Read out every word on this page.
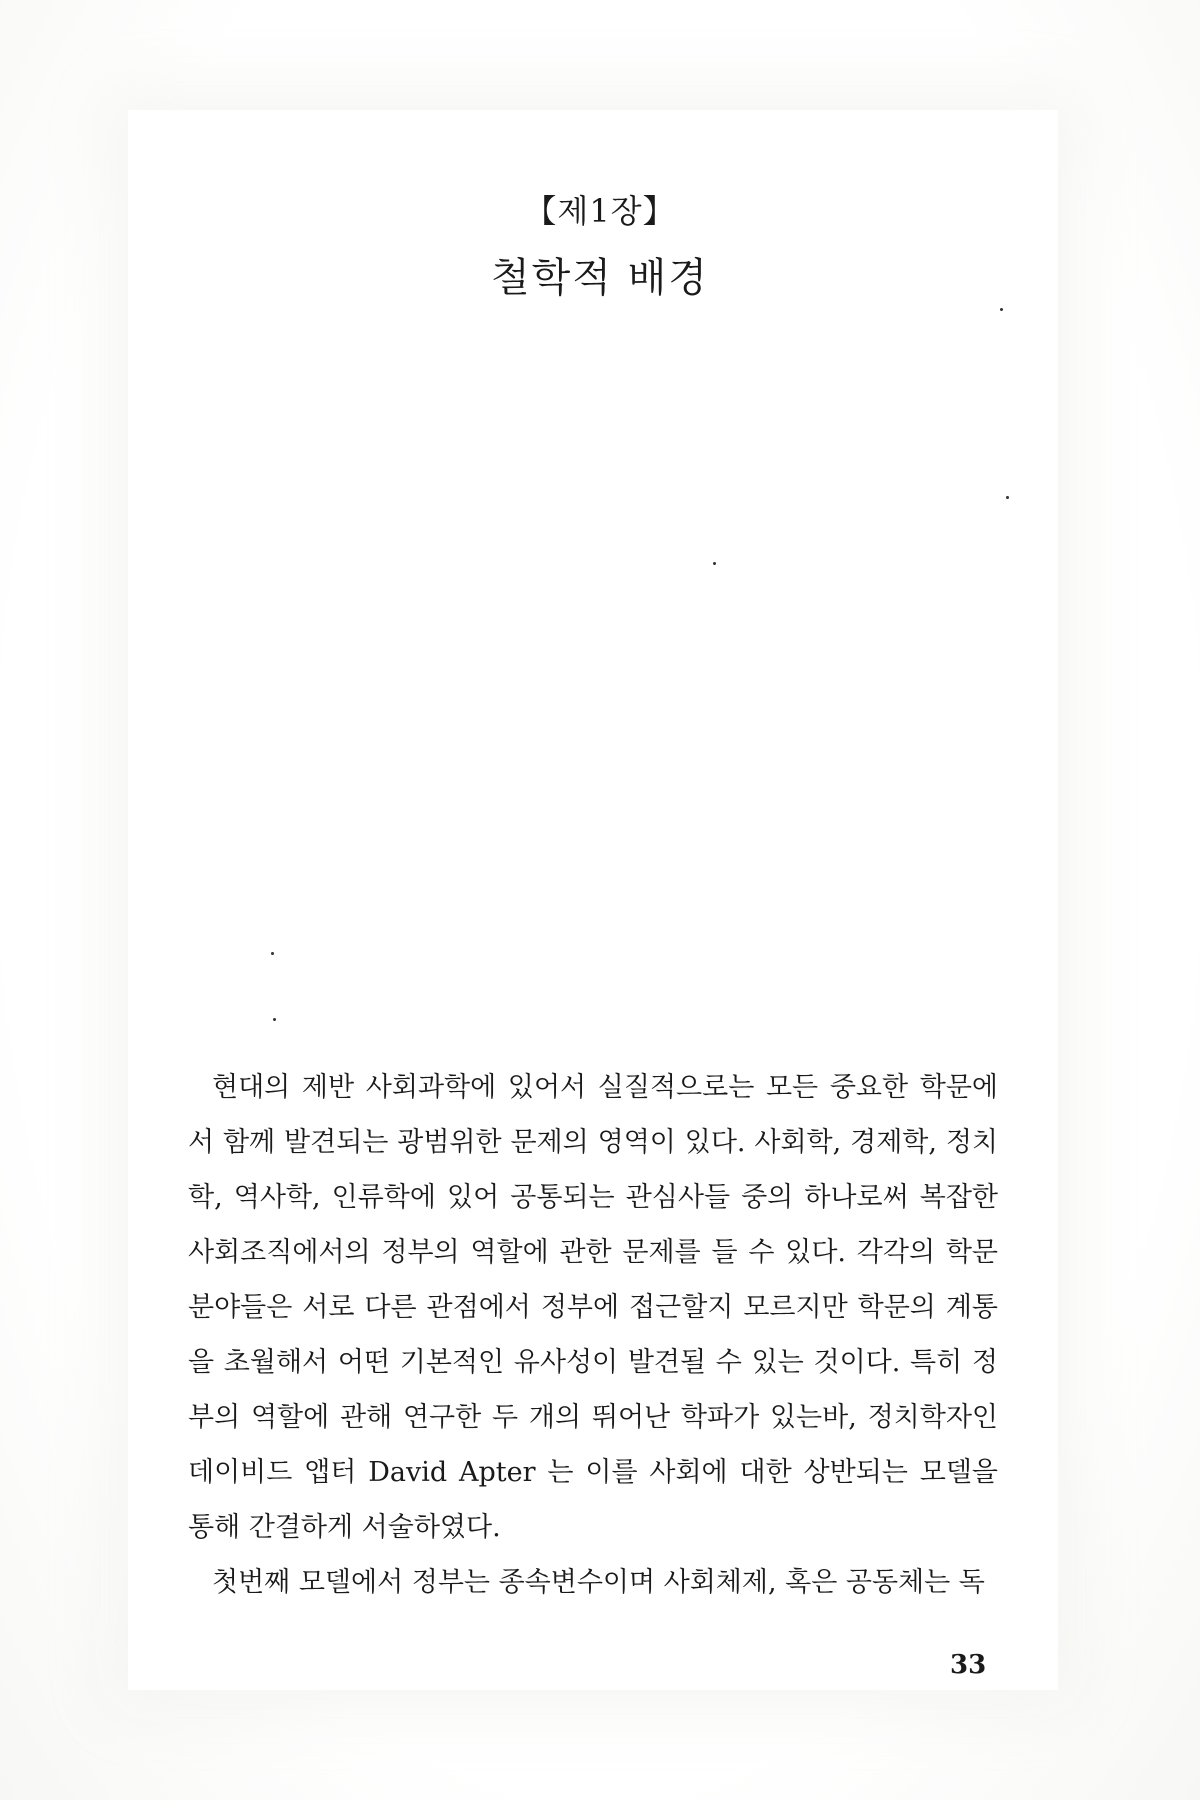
【제1장】
철학적 배경

현대의 제반 사회과학에 있어서 실질적으로는 모든 중요한 학문에서 함께 발견되는 광범위한 문제의 영역이 있다. 사회학, 경제학, 정치학, 역사학, 인류학에 있어 공통되는 관심사들 중의 하나로써 복잡한 사회조직에서의 정부의 역할에 관한 문제를 들 수 있다. 각각의 학문 분야들은 서로 다른 관점에서 정부에 접근할지 모르지만 학문의 계통을 초월해서 어떤 기본적인 유사성이 발견될 수 있는 것이다. 특히 정부의 역할에 관해 연구한 두 개의 뛰어난 학파가 있는바, 정치학자인 데이비드 앱터 David Apter 는 이를 사회에 대한 상반되는 모델을 통해 간결하게 서술하였다.

첫번째 모델에서 정부는 종속변수이며 사회체제, 혹은 공동체는 독

33
